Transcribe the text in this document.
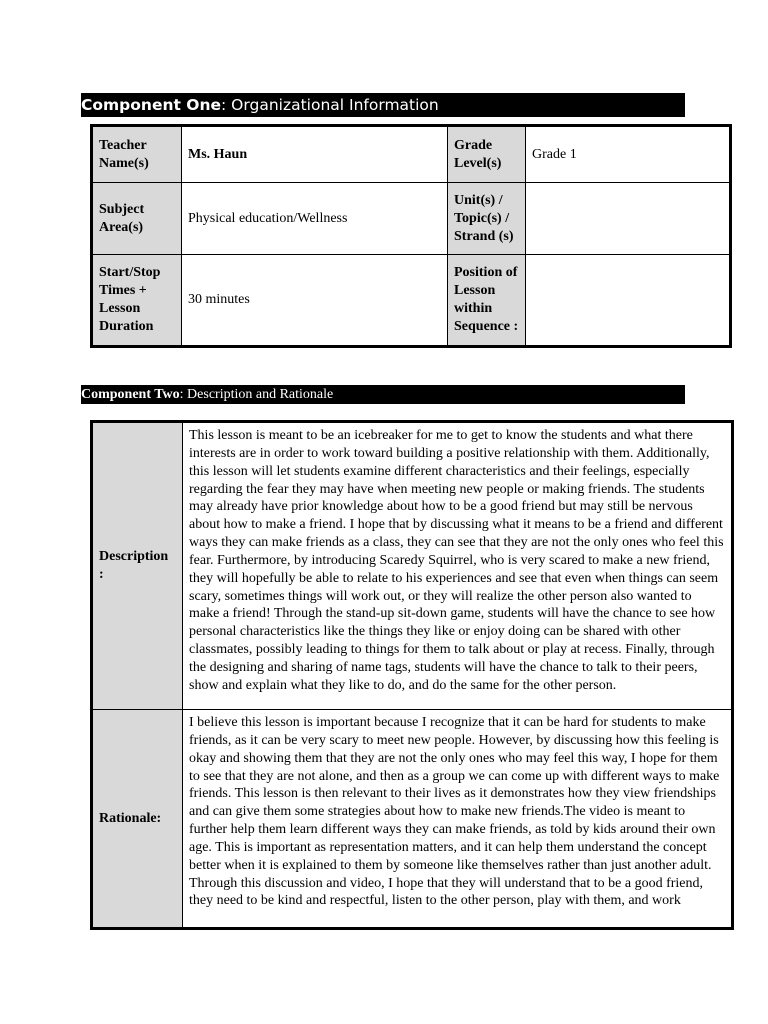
Component One: Organizational Information
Teacher Name(s)	Ms. Haun	Grade Level(s)	Grade 1
Subject Area(s)	Physical education/Wellness	Unit(s) / Topic(s) / Strand (s)	
Start/Stop Times + Lesson Duration	30 minutes	Position of Lesson within Sequence :	
Component Two: Description and Rationale
Description :	This lesson is meant to be an icebreaker for me to get to know the students and what there interests are in order to work toward building a positive relationship with them. Additionally, this lesson will let students examine different characteristics and their feelings, especially regarding the fear they may have when meeting new people or making friends. The students may already have prior knowledge about how to be a good friend but may still be nervous about how to make a friend. I hope that by discussing what it means to be a friend and different ways they can make friends as a class, they can see that they are not the only ones who feel this fear. Furthermore, by introducing Scaredy Squirrel, who is very scared to make a new friend, they will hopefully be able to relate to his experiences and see that even when things can seem scary, sometimes things will work out, or they will realize the other person also wanted to make a friend! Through the stand-up sit-down game, students will have the chance to see how personal characteristics like the things they like or enjoy doing can be shared with other classmates, possibly leading to things for them to talk about or play at recess. Finally, through the designing and sharing of name tags, students will have the chance to talk to their peers, show and explain what they like to do, and do the same for the other person.

Rationale:	I believe this lesson is important because I recognize that it can be hard for students to make friends, as it can be very scary to meet new people. However, by discussing how this feeling is okay and showing them that they are not the only ones who may feel this way, I hope for them to see that they are not alone, and then as a group we can come up with different ways to make friends. This lesson is then relevant to their lives as it demonstrates how they view friendships and can give them some strategies about how to make new friends.The video is meant to further help them learn different ways they can make friends, as told by kids around their own age. This is important as representation matters, and it can help them understand the concept better when it is explained to them by someone like themselves rather than just another adult. Through this discussion and video, I hope that they will understand that to be a good friend, they need to be kind and respectful, listen to the other person, play with them, and work
